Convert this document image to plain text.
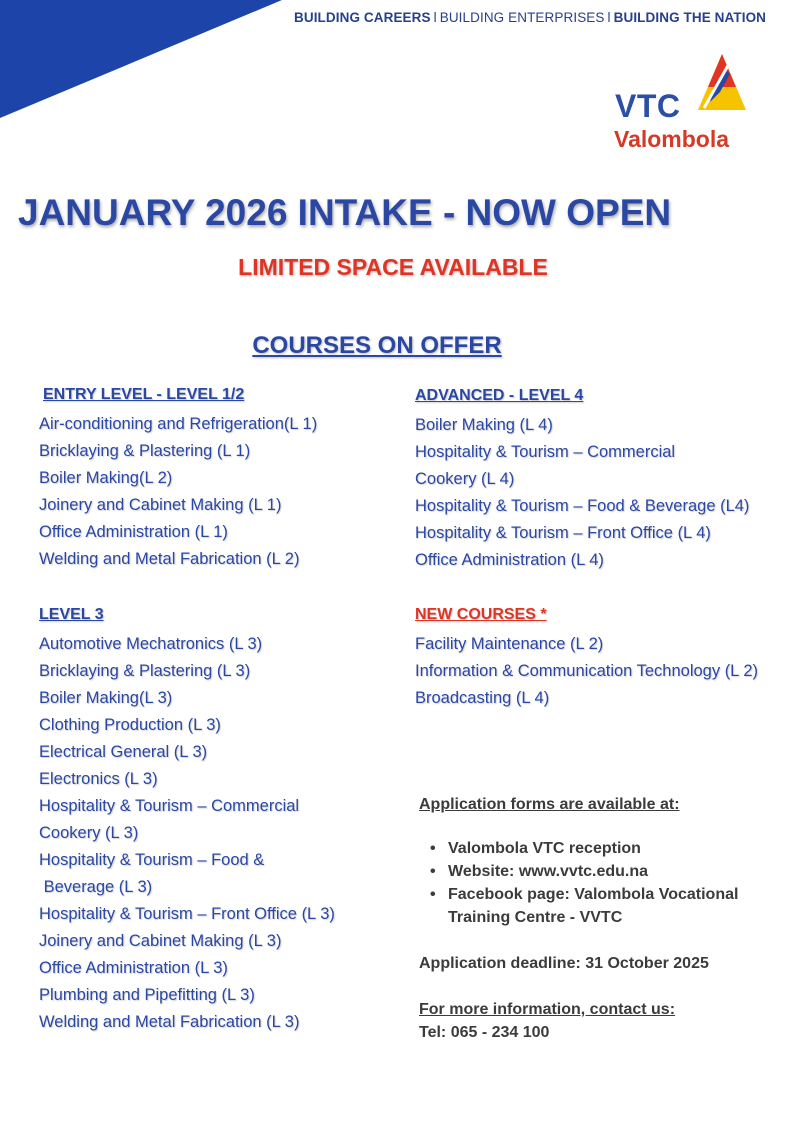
BUILDING CAREERS l BUILDING ENTERPRISES l BUILDING THE NATION
VTC
Valombola
JANUARY 2026 INTAKE - NOW OPEN
LIMITED SPACE AVAILABLE
COURSES ON OFFER
ENTRY LEVEL - LEVEL 1/2
Air-conditioning and Refrigeration(L 1)
Bricklaying & Plastering (L 1)
Boiler Making(L 2)
Joinery and Cabinet Making (L 1)
Office Administration (L 1)
Welding and Metal Fabrication (L 2)
ADVANCED - LEVEL 4
Boiler Making (L 4)
Hospitality & Tourism – Commercial
Cookery (L 4)
Hospitality & Tourism – Food & Beverage (L4)
Hospitality & Tourism – Front Office (L 4)
Office Administration (L 4)
LEVEL 3
Automotive Mechatronics (L 3)
Bricklaying & Plastering (L 3)
Boiler Making(L 3)
Clothing Production (L 3)
Electrical General (L 3)
Electronics (L 3)
Hospitality & Tourism – Commercial
Cookery (L 3)
Hospitality & Tourism – Food &
Beverage (L 3)
Hospitality & Tourism – Front Office (L 3)
Joinery and Cabinet Making (L 3)
Office Administration (L 3)
Plumbing and Pipefitting (L 3)
Welding and Metal Fabrication (L 3)
NEW COURSES *
Facility Maintenance (L 2)
Information & Communication Technology (L 2)
Broadcasting (L 4)
Application forms are available at:
• Valombola VTC reception
• Website: www.vvtc.edu.na
• Facebook page: Valombola Vocational Training Centre - VVTC
Application deadline: 31 October 2025
For more information, contact us:
Tel: 065 - 234 100
